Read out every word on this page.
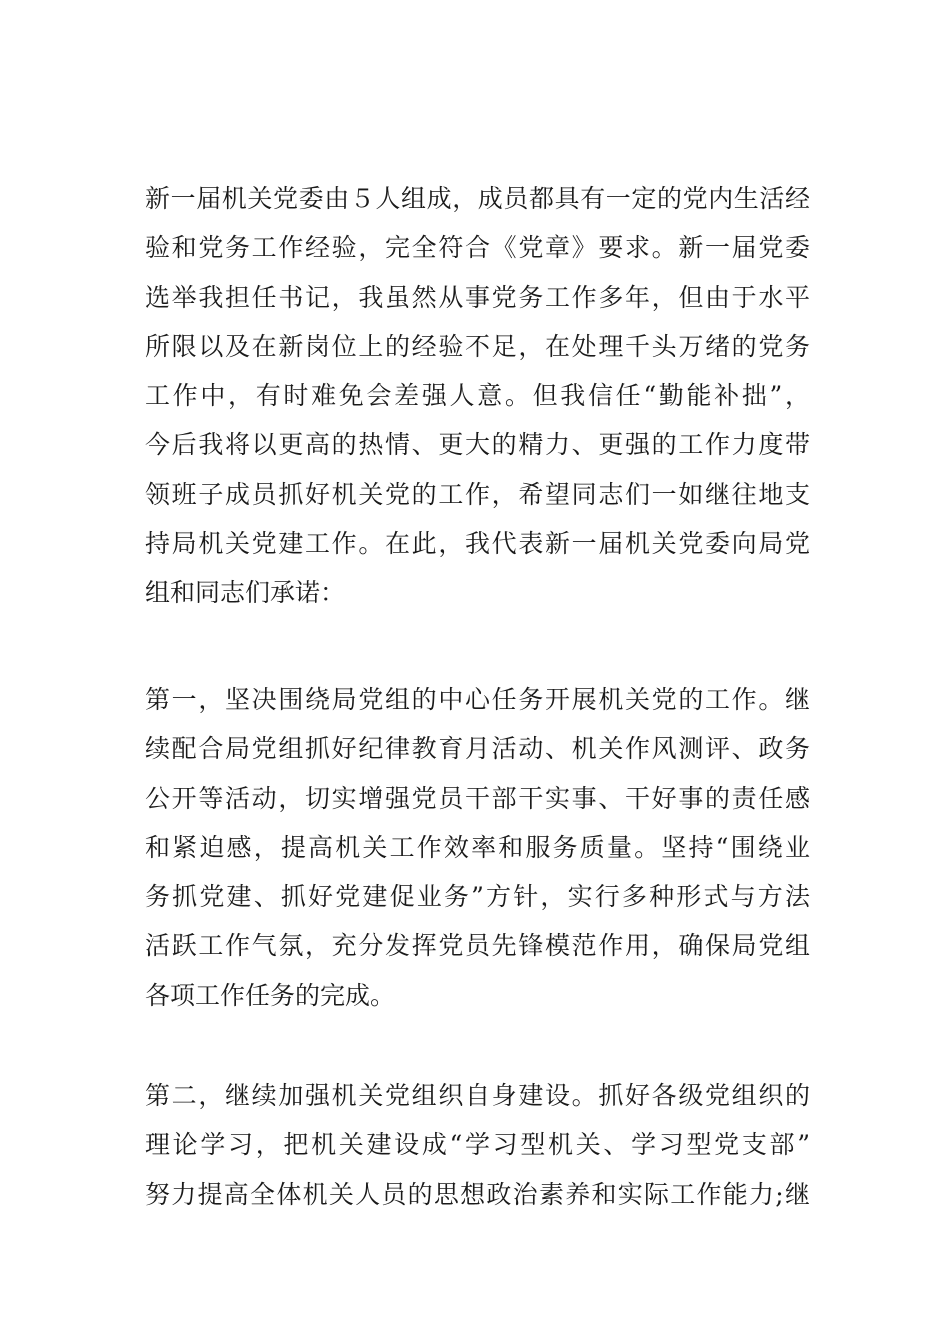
新一届机关党委由５人组成，成员都具有一定的党内生活经
验和党务工作经验，完全符合《党章》要求。新一届党委
选举我担任书记，我虽然从事党务工作多年，但由于水平
所限以及在新岗位上的经验不足，在处理千头万绪的党务
工作中，有时难免会差强人意。但我信任“勤能补拙”，
今后我将以更高的热情、更大的精力、更强的工作力度带
领班子成员抓好机关党的工作，希望同志们一如继往地支
持局机关党建工作。在此，我代表新一届机关党委向局党
组和同志们承诺：
第一，坚决围绕局党组的中心任务开展机关党的工作。继
续配合局党组抓好纪律教育月活动、机关作风测评、政务
公开等活动，切实增强党员干部干实事、干好事的责任感
和紧迫感，提高机关工作效率和服务质量。坚持“围绕业
务抓党建、抓好党建促业务”方针，实行多种形式与方法
活跃工作气氛，充分发挥党员先锋模范作用，确保局党组
各项工作任务的完成。
第二，继续加强机关党组织自身建设。抓好各级党组织的
理论学习，把机关建设成“学习型机关、学习型党支部”
努力提高全体机关人员的思想政治素养和实际工作能力;继
